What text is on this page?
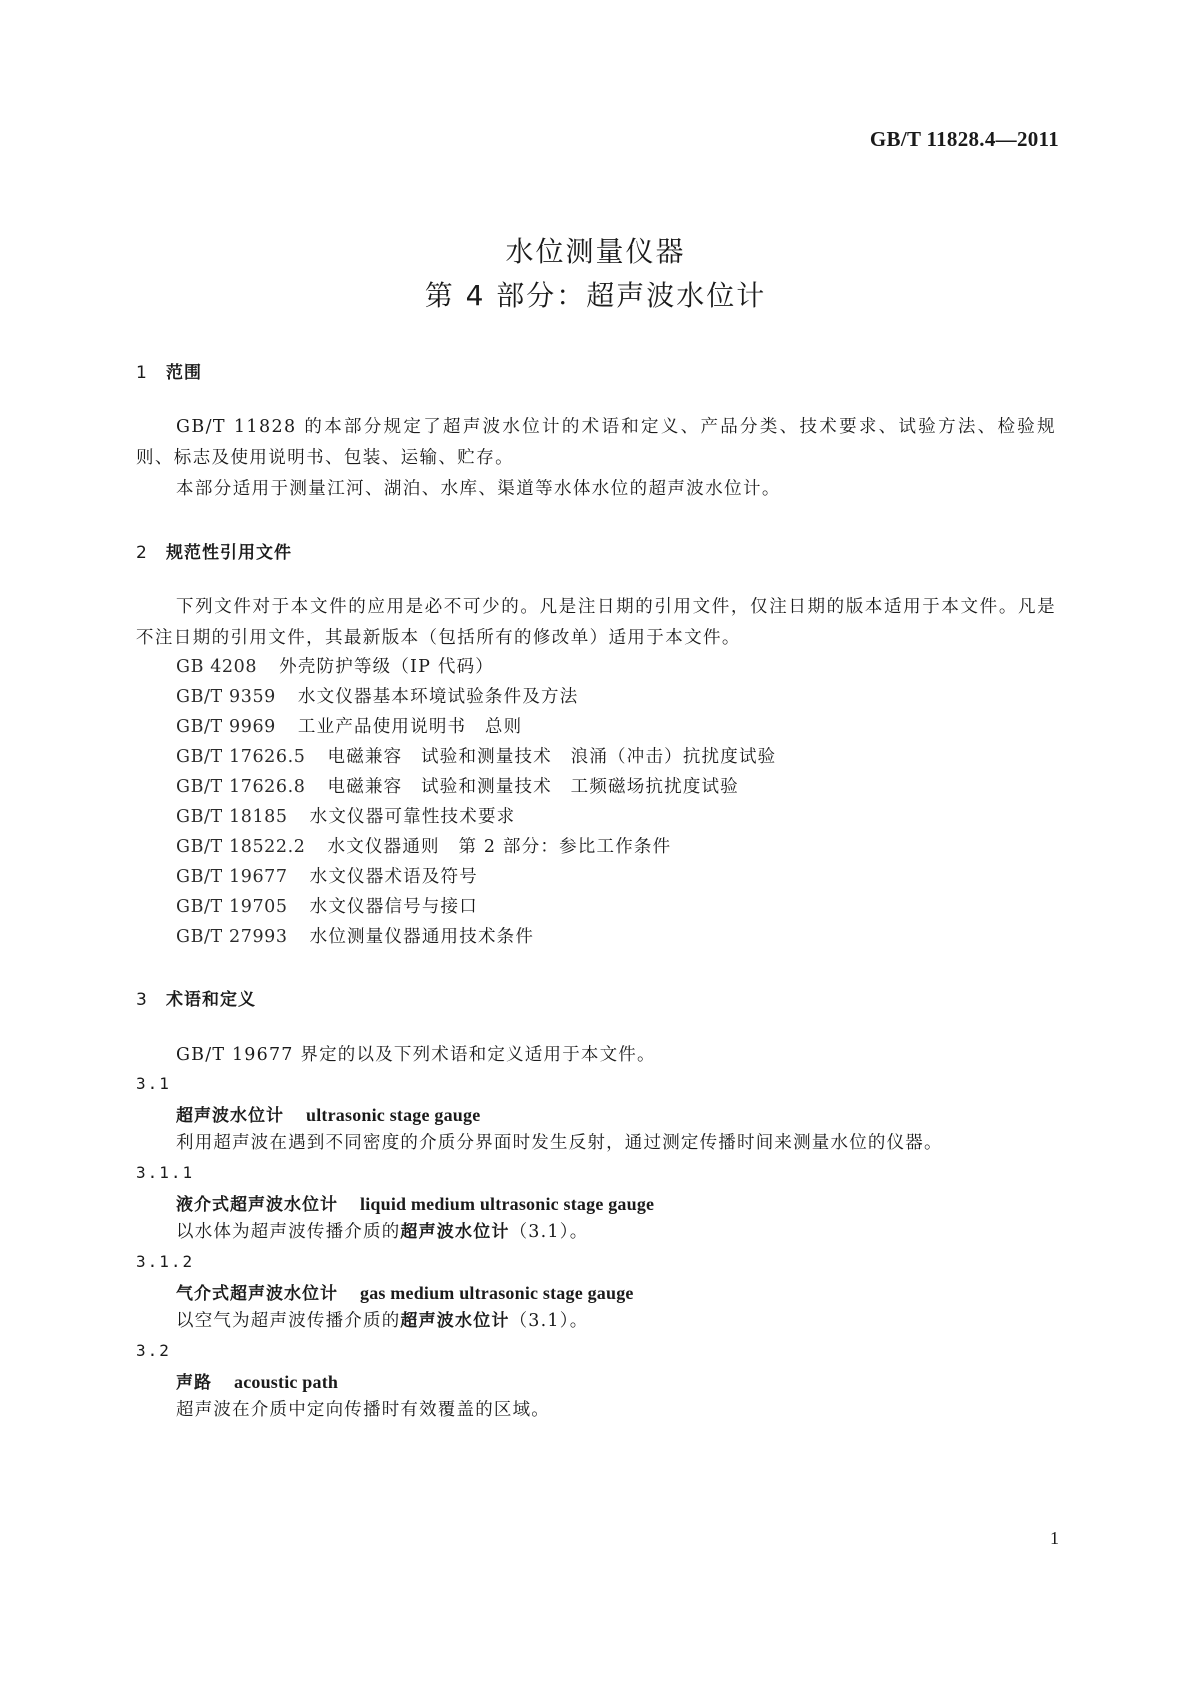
GB/T 11828.4—2011
水位测量仪器
第 4 部分：超声波水位计
1 范围
GB/T 11828 的本部分规定了超声波水位计的术语和定义、产品分类、技术要求、试验方法、检验规则、标志及使用说明书、包装、运输、贮存。
本部分适用于测量江河、湖泊、水库、渠道等水体水位的超声波水位计。
2 规范性引用文件
下列文件对于本文件的应用是必不可少的。凡是注日期的引用文件，仅注日期的版本适用于本文件。凡是不注日期的引用文件，其最新版本（包括所有的修改单）适用于本文件。
GB 4208 外壳防护等级（IP 代码）
GB/T 9359 水文仪器基本环境试验条件及方法
GB/T 9969 工业产品使用说明书　总则
GB/T 17626.5 电磁兼容　试验和测量技术　浪涌（冲击）抗扰度试验
GB/T 17626.8 电磁兼容　试验和测量技术　工频磁场抗扰度试验
GB/T 18185 水文仪器可靠性技术要求
GB/T 18522.2 水文仪器通则　第 2 部分：参比工作条件
GB/T 19677 水文仪器术语及符号
GB/T 19705 水文仪器信号与接口
GB/T 27993 水位测量仪器通用技术条件
3 术语和定义
GB/T 19677 界定的以及下列术语和定义适用于本文件。
3.1
超声波水位计 ultrasonic stage gauge
利用超声波在遇到不同密度的介质分界面时发生反射，通过测定传播时间来测量水位的仪器。
3.1.1
液介式超声波水位计 liquid medium ultrasonic stage gauge
以水体为超声波传播介质的超声波水位计（3.1）。
3.1.2
气介式超声波水位计 gas medium ultrasonic stage gauge
以空气为超声波传播介质的超声波水位计（3.1）。
3.2
声路 acoustic path
超声波在介质中定向传播时有效覆盖的区域。
1
